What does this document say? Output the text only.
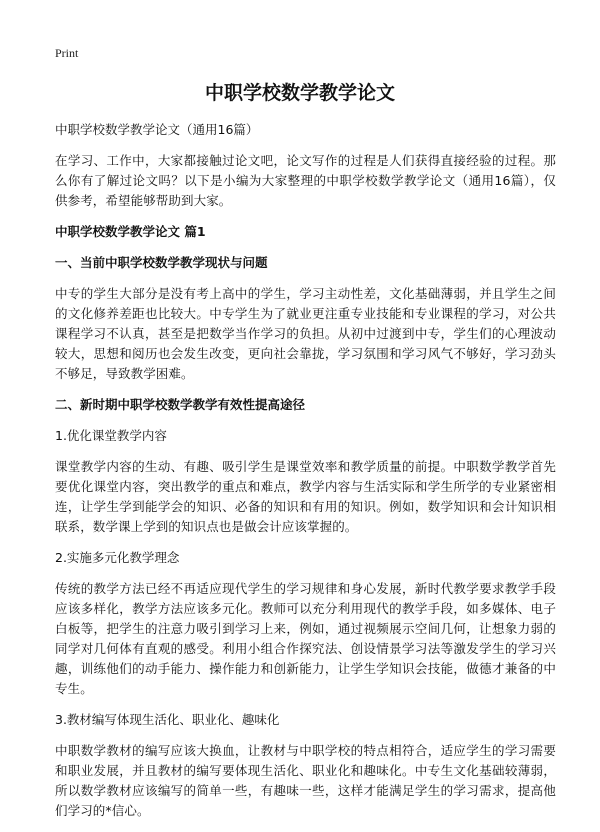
Print
中职学校数学教学论文

中职学校数学教学论文（通用16篇）

在学习、工作中，大家都接触过论文吧，论文写作的过程是人们获得直接经验的过程。那么你有了解过论文吗？以下是小编为大家整理的中职学校数学教学论文（通用16篇），仅供参考，希望能够帮助到大家。

中职学校数学教学论文 篇1
一、当前中职学校数学教学现状与问题

中专的学生大部分是没有考上高中的学生，学习主动性差，文化基础薄弱，并且学生之间的文化修养差距也比较大。中专学生为了就业更注重专业技能和专业课程的学习，对公共课程学习不认真，甚至是把数学当作学习的负担。从初中过渡到中专，学生们的心理波动较大，思想和阅历也会发生改变，更向社会靠拢，学习氛围和学习风气不够好，学习劲头不够足，导致教学困难。

二、新时期中职学校数学教学有效性提高途径

1.优化课堂教学内容

课堂教学内容的生动、有趣、吸引学生是课堂效率和教学质量的前提。中职数学教学首先要优化课堂内容，突出教学的重点和难点，教学内容与生活实际和学生所学的专业紧密相连，让学生学到能学会的知识、必备的知识和有用的知识。例如，数学知识和会计知识相联系，数学课上学到的知识点也是做会计应该掌握的。

2.实施多元化教学理念

传统的教学方法已经不再适应现代学生的学习规律和身心发展，新时代教学要求教学手段应该多样化，教学方法应该多元化。教师可以充分利用现代的教学手段，如多媒体、电子白板等，把学生的注意力吸引到学习上来，例如，通过视频展示空间几何，让想象力弱的同学对几何体有直观的感受。利用小组合作探究法、创设情景学习法等激发学生的学习兴趣，训练他们的动手能力、操作能力和创新能力，让学生学知识会技能，做德才兼备的中专生。

3.教材编写体现生活化、职业化、趣味化

中职数学教材的编写应该大换血，让教材与中职学校的特点相符合，适应学生的学习需要和职业发展，并且教材的编写要体现生活化、职业化和趣味化。中专生文化基础较薄弱，所以数学教材应该编写的简单一些，有趣味一些，这样才能满足学生的学习需求，提高他们学习的*信心。
